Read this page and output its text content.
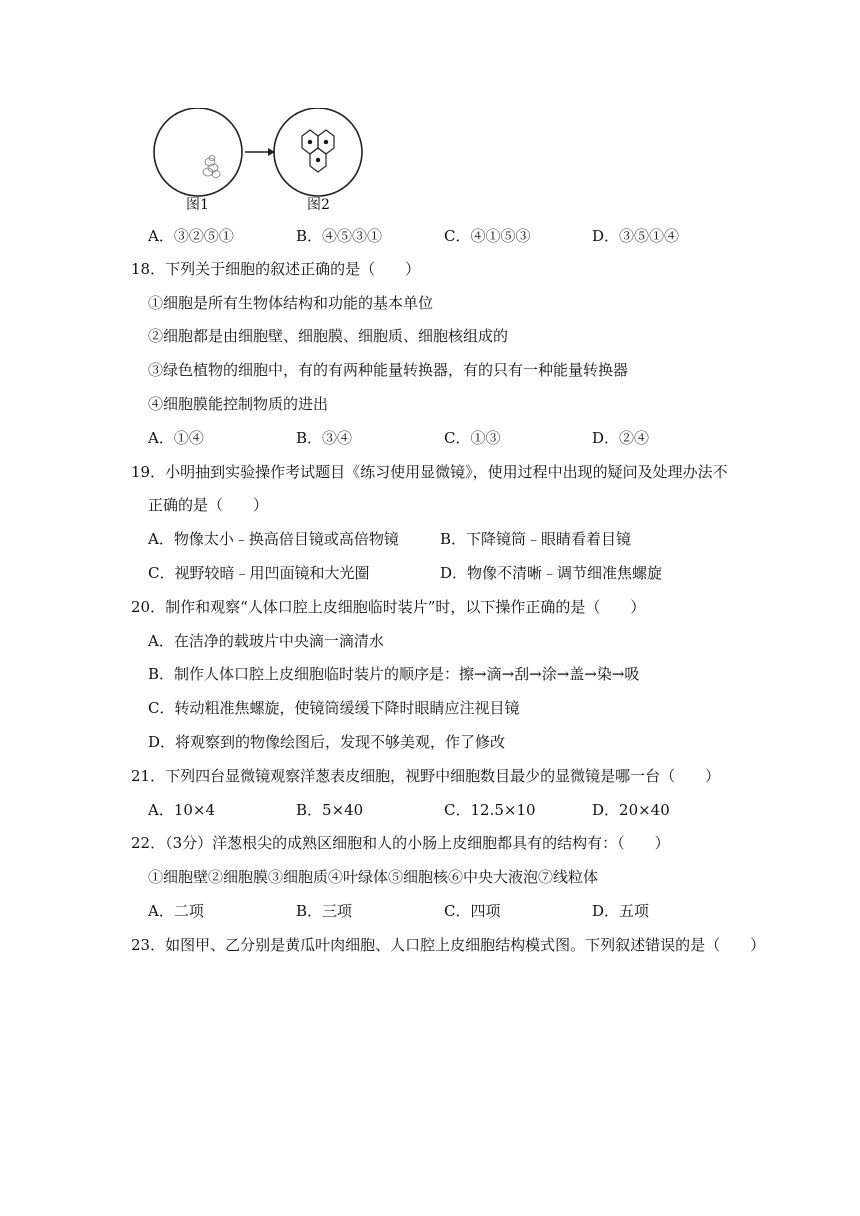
图1	图2
A．③②⑤①	B．④⑤③①	C．④①⑤③	D．③⑤①④
18．下列关于细胞的叙述正确的是（　　）
①细胞是所有生物体结构和功能的基本单位
②细胞都是由细胞壁、细胞膜、细胞质、细胞核组成的
③绿色植物的细胞中，有的有两种能量转换器，有的只有一种能量转换器
④细胞膜能控制物质的进出
A．①④	B．③④	C．①③	D．②④
19．小明抽到实验操作考试题目《练习使用显微镜》，使用过程中出现的疑问及处理办法不
正确的是（　　）
A．物像太小﹣换高倍目镜或高倍物镜	B．下降镜筒﹣眼睛看着目镜
C．视野较暗﹣用凹面镜和大光圈	D．物像不清晰﹣调节细准焦螺旋
20．制作和观察“人体口腔上皮细胞临时装片”时，以下操作正确的是（　　）
A．在洁净的载玻片中央滴一滴清水
B．制作人体口腔上皮细胞临时装片的顺序是：擦→滴→刮→涂→盖→染→吸
C．转动粗准焦螺旋，使镜筒缓缓下降时眼睛应注视目镜
D．将观察到的物像绘图后，发现不够美观，作了修改
21．下列四台显微镜观察洋葱表皮细胞，视野中细胞数目最少的显微镜是哪一台（　　）
A．10×4	B．5×40	C．12.5×10	D．20×40
22．（3分）洋葱根尖的成熟区细胞和人的小肠上皮细胞都具有的结构有：（　　）
①细胞壁②细胞膜③细胞质④叶绿体⑤细胞核⑥中央大液泡⑦线粒体
A．二项	B．三项	C．四项	D．五项
23．如图甲、乙分别是黄瓜叶肉细胞、人口腔上皮细胞结构模式图。下列叙述错误的是（　　）
